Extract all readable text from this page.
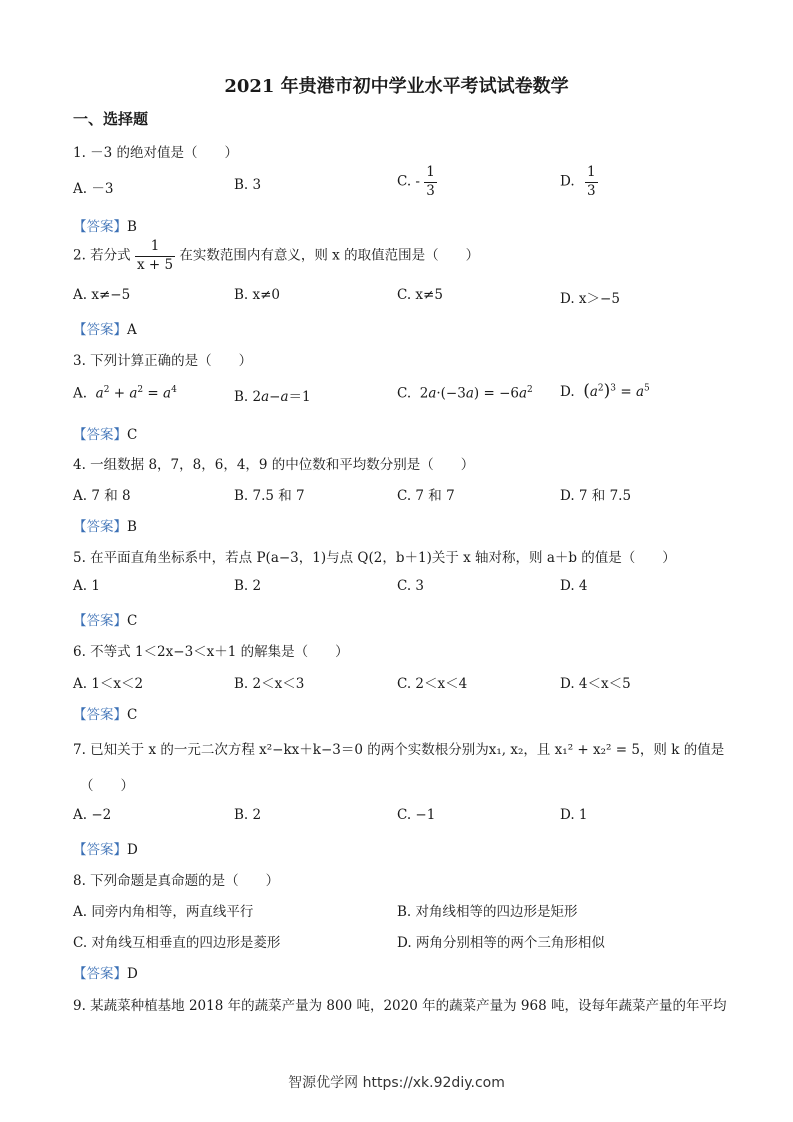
2021 年贵港市初中学业水平考试试卷数学
一、选择题
1. －3 的绝对值是（　　）
A. －3	B. 3	C. - $\frac{1}{3}$	D. $\frac{1}{3}$
【答案】B
2. 若分式 $\frac{1}{x + 5}$ 在实数范围内有意义，则 x 的取值范围是（　　）
A. x≠−5	B. x≠0	C. x≠5	D. x＞−5
【答案】A
3. 下列计算正确的是（　　）
A.  $a^2 + a^2 = a^4$	B. 2a−a＝1	C.  $2a\cdot(-3a) = -6a^2$ D.  $(a^2)^3 = a^5$
【答案】C
4. 一组数据 8，7，8，6，4，9 的中位数和平均数分别是（　　）
A. 7 和 8	B. 7.5 和 7	C. 7 和 7	D. 7 和 7.5
【答案】B
5. 在平面直角坐标系中，若点 P(a−3，1)与点 Q(2，b＋1)关于 x 轴对称，则 a＋b 的值是（　　）
A. 1	B. 2	C. 3	D. 4
【答案】C
6. 不等式 1＜2x−3＜x＋1 的解集是（　　）
A. 1＜x＜2	B. 2＜x＜3	C. 2＜x＜4	D. 4＜x＜5
【答案】C
7. 已知关于 x 的一元二次方程 x²−kx＋k−3＝0 的两个实数根分别为x₁, x₂，且 x₁² + x₂² = 5，则 k 的值是
（　　）
A. −2	B. 2	C. −1	D. 1
【答案】D
8. 下列命题是真命题的是（　　）
A. 同旁内角相等，两直线平行	B. 对角线相等的四边形是矩形
C. 对角线互相垂直的四边形是菱形	D. 两角分别相等的两个三角形相似
【答案】D
9. 某蔬菜种植基地 2018 年的蔬菜产量为 800 吨，2020 年的蔬菜产量为 968 吨，设每年蔬菜产量的年平均
智源优学网 https://xk.92diy.com
